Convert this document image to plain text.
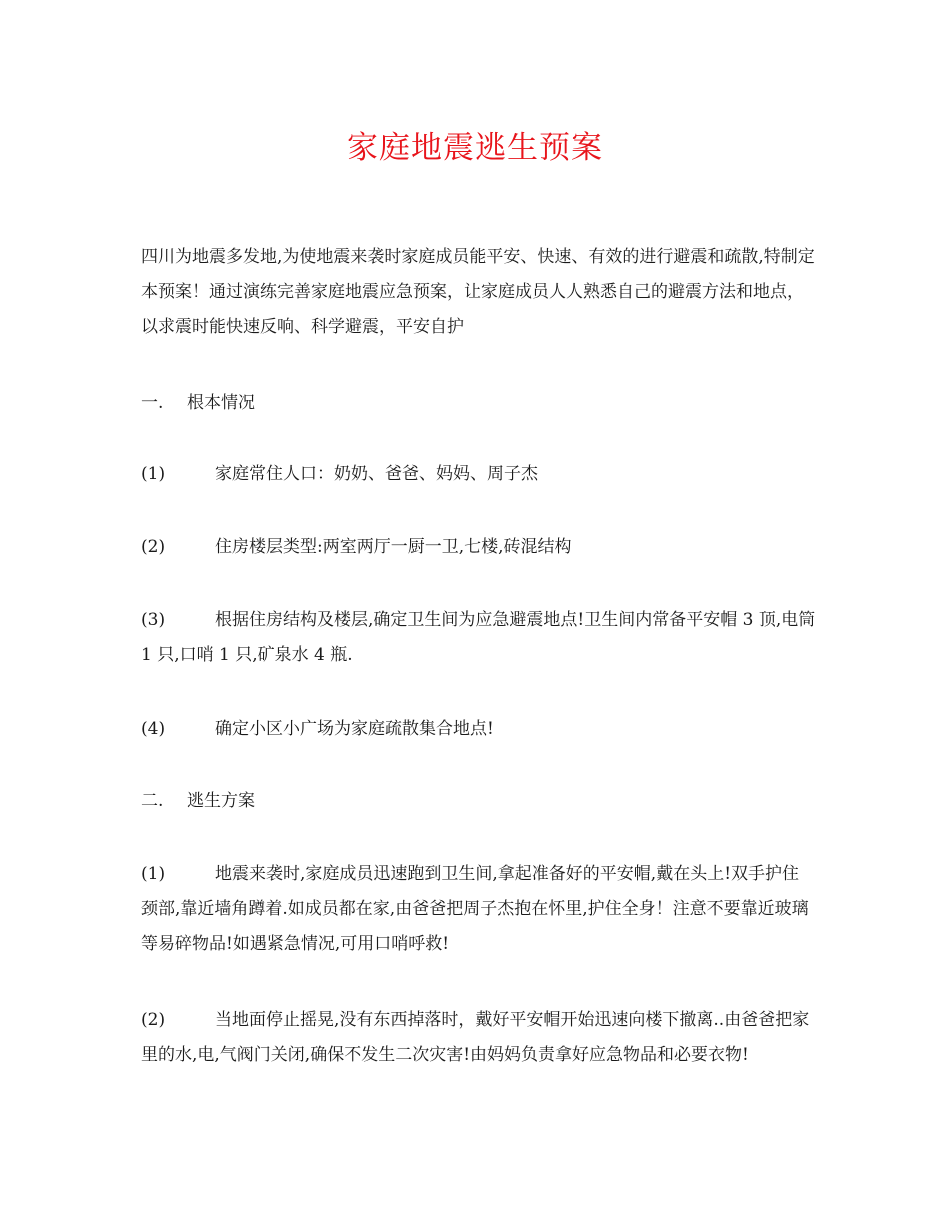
家庭地震逃生预案

四川为地震多发地,为使地震来袭时家庭成员能平安、快速、有效的进行避震和疏散,特制定本预案！通过演练完善家庭地震应急预案，让家庭成员人人熟悉自己的避震方法和地点，以求震时能快速反响、科学避震，平安自护

一. 根本情况

(1)	家庭常住人口：奶奶、爸爸、妈妈、周子杰

(2)	住房楼层类型:两室两厅一厨一卫,七楼,砖混结构

(3)	根据住房结构及楼层,确定卫生间为应急避震地点!卫生间内常备平安帽 3 顶,电筒 1 只,口哨 1 只,矿泉水 4 瓶.

(4)	确定小区小广场为家庭疏散集合地点!

二. 逃生方案

(1)	地震来袭时,家庭成员迅速跑到卫生间,拿起准备好的平安帽,戴在头上!双手护住颈部,靠近墙角蹲着.如成员都在家,由爸爸把周子杰抱在怀里,护住全身！注意不要靠近玻璃等易碎物品!如遇紧急情况,可用口哨呼救!

(2)	当地面停止摇晃,没有东西掉落时，戴好平安帽开始迅速向楼下撤离..由爸爸把家里的水,电,气阀门关闭,确保不发生二次灾害!由妈妈负责拿好应急物品和必要衣物!
